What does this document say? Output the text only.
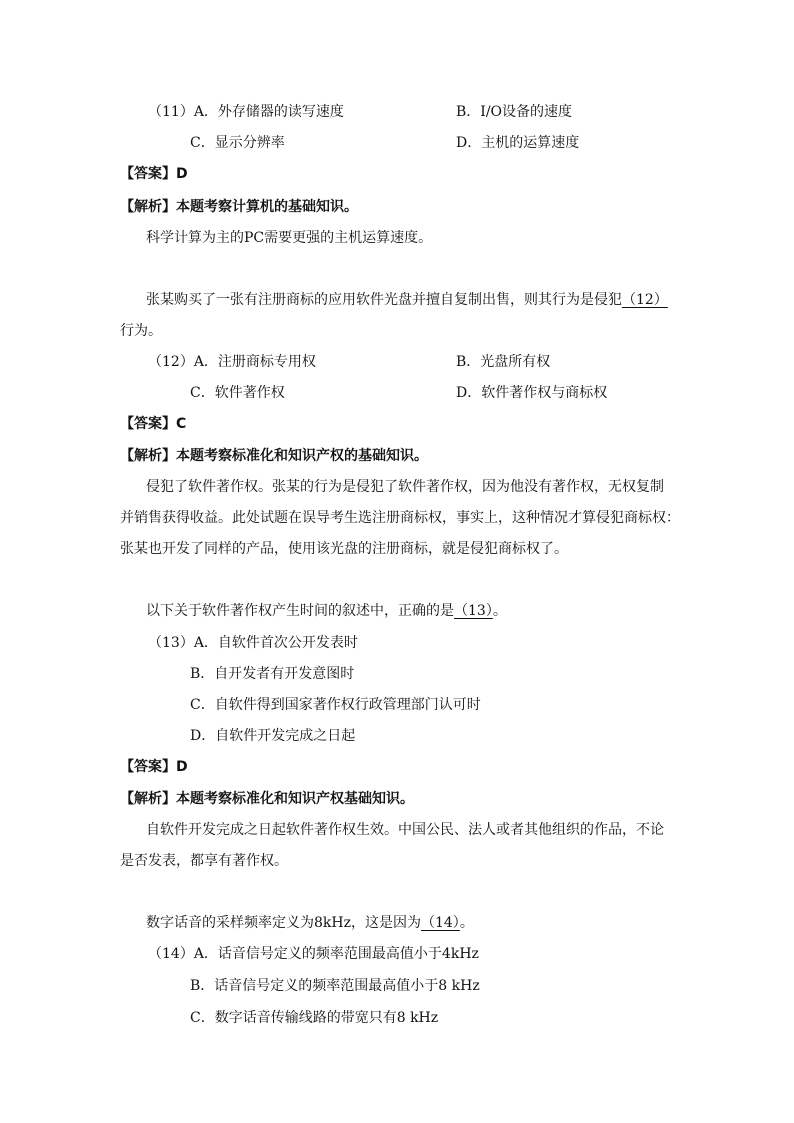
（11）A．外存储器的读写速度	B．I/O设备的速度
C．显示分辨率	D．主机的运算速度
【答案】D
【解析】本题考察计算机的基础知识。
科学计算为主的PC需要更强的主机运算速度。
张某购买了一张有注册商标的应用软件光盘并擅自复制出售，则其行为是侵犯（12）
行为。
（12）A．注册商标专用权	B．光盘所有权
C．软件著作权	D．软件著作权与商标权
【答案】C
【解析】本题考察标准化和知识产权的基础知识。
侵犯了软件著作权。张某的行为是侵犯了软件著作权，因为他没有著作权，无权复制
并销售获得收益。此处试题在误导考生选注册商标权，事实上，这种情况才算侵犯商标权：
张某也开发了同样的产品，使用该光盘的注册商标，就是侵犯商标权了。
以下关于软件著作权产生时间的叙述中，正确的是（13）。
（13）A．自软件首次公开发表时
B．自开发者有开发意图时
C．自软件得到国家著作权行政管理部门认可时
D．自软件开发完成之日起
【答案】D
【解析】本题考察标准化和知识产权基础知识。
自软件开发完成之日起软件著作权生效。中国公民、法人或者其他组织的作品，不论
是否发表，都享有著作权。
数字话音的采样频率定义为8kHz，这是因为（14）。
（14）A．话音信号定义的频率范围最高值小于4kHz
B．话音信号定义的频率范围最高值小于8 kHz
C．数字话音传输线路的带宽只有8 kHz
